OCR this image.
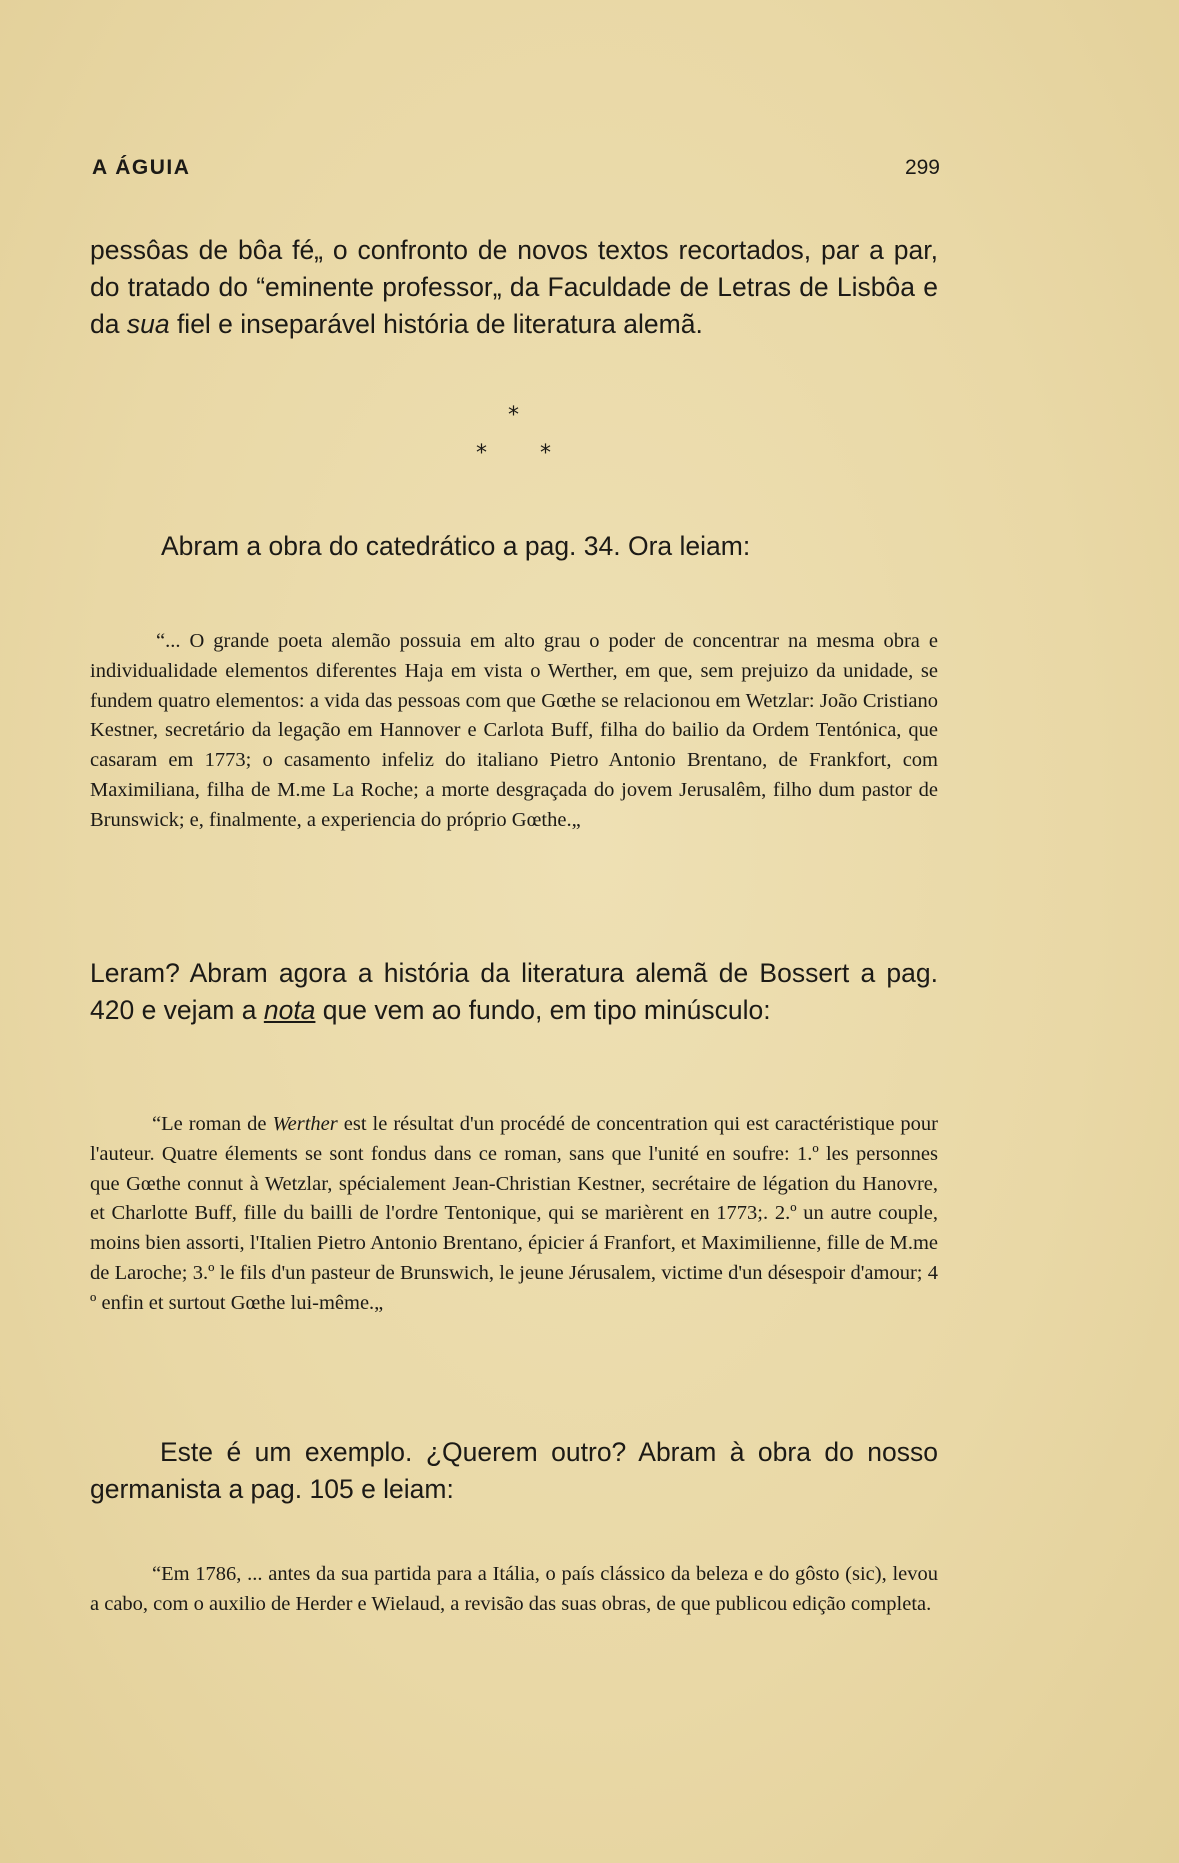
A ÁGUIA	299

pessôas de bôa fé„ o confronto de novos textos recortados, par a par, do tratado do “eminente professor„ da Faculdade de Letras de Lisbôa e da sua fiel e inseparável história de literatura alemã.

*
* *

Abram a obra do catedrático a pag. 34. Ora leiam:

“... O grande poeta alemão possuia em alto grau o poder de concentrar na mesma obra e individualidade elementos diferentes Haja em vista o Werther, em que, sem prejuizo da unidade, se fundem quatro elementos: a vida das pessoas com que Gœthe se relacionou em Wetzlar: João Cristiano Kestner, secretário da legação em Hannover e Carlota Buff, filha do bailio da Ordem Tentónica, que casaram em 1773; o casamento infeliz do italiano Pietro Antonio Brentano, de Frankfort, com Maximiliana, filha de M.me La Roche; a morte desgraçada do jovem Jerusalêm, filho dum pastor de Brunswick; e, finalmente, a experiencia do próprio Gœthe.„

Leram? Abram agora a história da literatura alemã de Bossert a pag. 420 e vejam a nota que vem ao fundo, em tipo minúsculo:

“Le roman de Werther est le résultat d'un procédé de concentration qui est caractéristique pour l'auteur. Quatre élements se sont fondus dans ce roman, sans que l'unité en soufre: 1.º les personnes que Gœthe connut à Wetzlar, spécialement Jean-Christian Kestner, secrétaire de légation du Hanovre, et Charlotte Buff, fille du bailli de l'ordre Tentonique, qui se marièrent en 1773;. 2.º un autre couple, moins bien assorti, l'Italien Pietro Antonio Brentano, épicier á Franfort, et Maximilienne, fille de M.me de Laroche; 3.º le fils d'un pasteur de Brunswich, le jeune Jérusalem, victime d'un désespoir d'amour; 4 º enfin et surtout Gœthe lui-même.„

Este é um exemplo. ¿Querem outro? Abram à obra do nosso germanista a pag. 105 e leiam:

“Em 1786, ... antes da sua partida para a Itália, o país clássico da beleza e do gôsto (sic), levou a cabo, com o auxilio de Herder e Wielaud, a revisão das suas obras, de que publicou edição completa.
